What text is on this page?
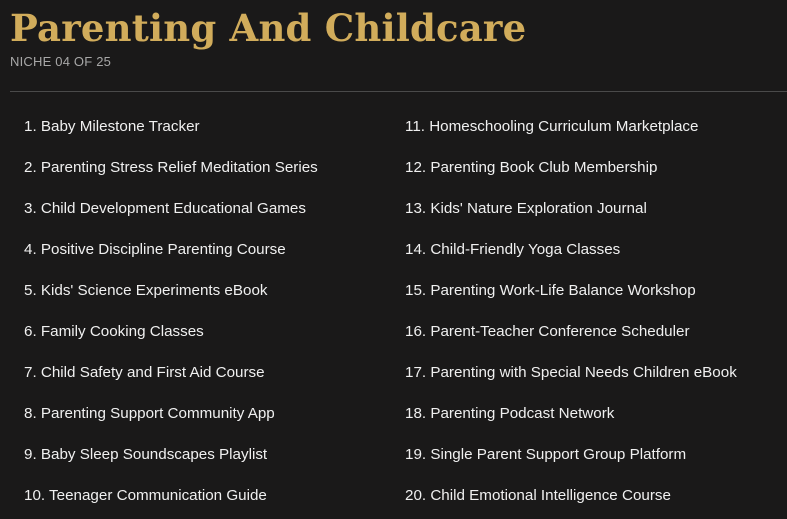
Parenting And Childcare
NICHE 04 OF 25
1. Baby Milestone Tracker
2. Parenting Stress Relief Meditation Series
3. Child Development Educational Games
4. Positive Discipline Parenting Course
5. Kids' Science Experiments eBook
6. Family Cooking Classes
7. Child Safety and First Aid Course
8. Parenting Support Community App
9. Baby Sleep Soundscapes Playlist
10. Teenager Communication Guide
11. Homeschooling Curriculum Marketplace
12. Parenting Book Club Membership
13. Kids' Nature Exploration Journal
14. Child-Friendly Yoga Classes
15. Parenting Work-Life Balance Workshop
16. Parent-Teacher Conference Scheduler
17. Parenting with Special Needs Children eBook
18. Parenting Podcast Network
19. Single Parent Support Group Platform
20. Child Emotional Intelligence Course
